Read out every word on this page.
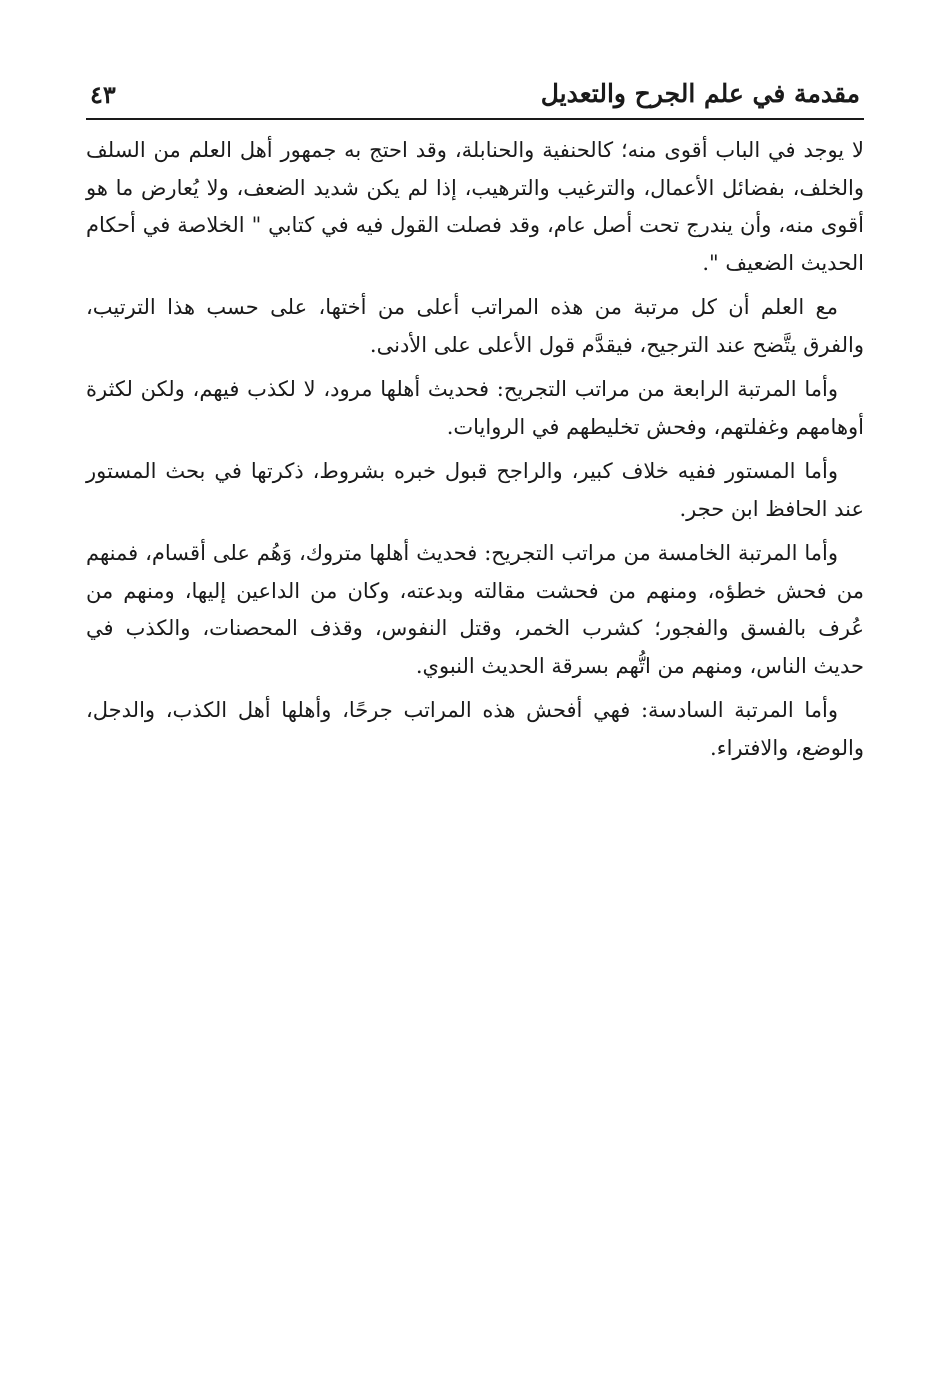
مقدمة في علم الجرح والتعديل
٤٣

لا يوجد في الباب أقوى منه؛ كالحنفية والحنابلة، وقد احتج به جمهور أهل العلم من السلف والخلف، بفضائل الأعمال، والترغيب والترهيب، إذا لم يكن شديد الضعف، ولا يُعارض ما هو أقوى منه، وأن يندرج تحت أصل عام، وقد فصلت القول فيه في كتابي " الخلاصة في أحكام الحديث الضعيف ".

مع العلم أن كل مرتبة من هذه المراتب أعلى من أختها، على حسب هذا الترتيب، والفرق يتَّضح عند الترجيح، فيقدَّم قول الأعلى على الأدنى.

وأما المرتبة الرابعة من مراتب التجريح: فحديث أهلها مرود، لا لكذب فيهم، ولكن لكثرة أوهامهم وغفلتهم، وفحش تخليطهم في الروايات.

وأما المستور ففيه خلاف كبير، والراجح قبول خبره بشروط، ذكرتها في بحث المستور عند الحافظ ابن حجر.

وأما المرتبة الخامسة من مراتب التجريح: فحديث أهلها متروك، وَهُم على أقسام، فمنهم من فحش خطؤه، ومنهم من فحشت مقالته وبدعته، وكان من الداعين إليها، ومنهم من عُرف بالفسق والفجور؛ كشرب الخمر، وقتل النفوس، وقذف المحصنات، والكذب في حديث الناس، ومنهم من اتُّهم بسرقة الحديث النبوي.

وأما المرتبة السادسة: فهي أفحش هذه المراتب جرحًا، وأهلها أهل الكذب، والدجل، والوضع، والافتراء.
